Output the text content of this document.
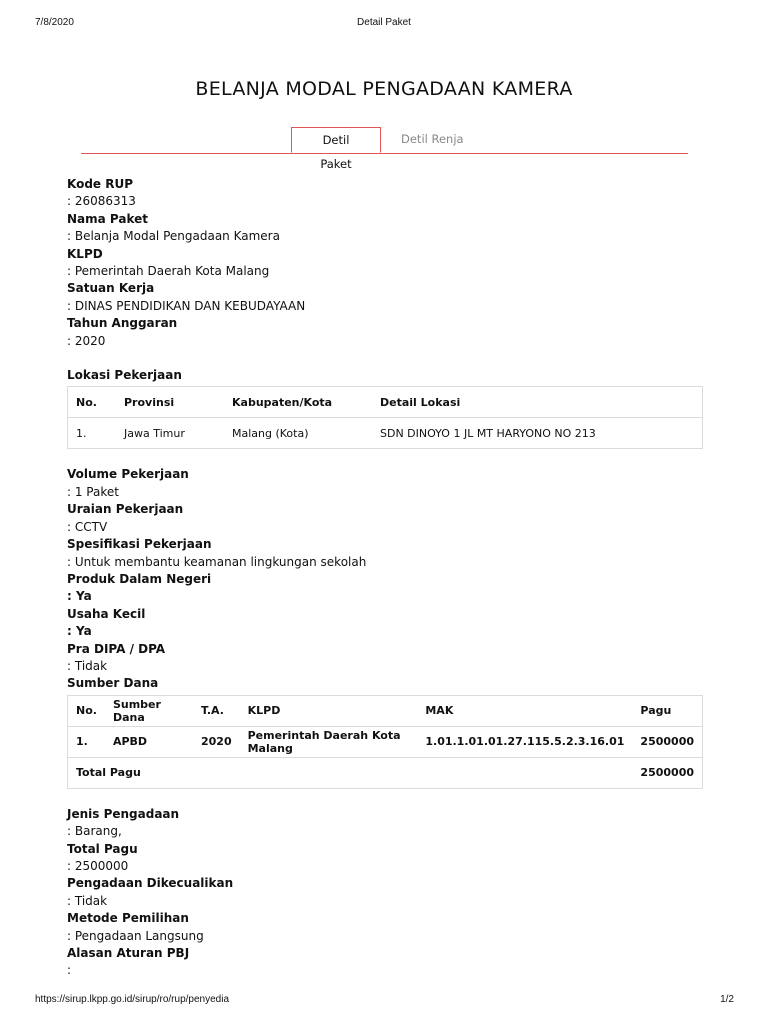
7/8/2020	Detail Paket
BELANJA MODAL PENGADAAN KAMERA
Detil Paket
Detil Renja
Kode RUP
: 26086313
Nama Paket
: Belanja Modal Pengadaan Kamera
KLPD
: Pemerintah Daerah Kota Malang
Satuan Kerja
: DINAS PENDIDIKAN DAN KEBUDAYAAN
Tahun Anggaran
: 2020
Lokasi Pekerjaan
No.	Provinsi	Kabupaten/Kota	Detail Lokasi
1.	Jawa Timur	Malang (Kota)	SDN DINOYO 1 JL MT HARYONO NO 213
Volume Pekerjaan
: 1 Paket
Uraian Pekerjaan
: CCTV
Spesifikasi Pekerjaan
: Untuk membantu keamanan lingkungan sekolah
Produk Dalam Negeri
: Ya
Usaha Kecil
: Ya
Pra DIPA / DPA
: Tidak
Sumber Dana
No.	Sumber Dana	T.A.	KLPD	MAK	Pagu
1.	APBD	2020	Pemerintah Daerah Kota Malang	1.01.1.01.01.27.115.5.2.3.16.01	2500000
Total Pagu					2500000
Jenis Pengadaan
: Barang,
Total Pagu
: 2500000
Pengadaan Dikecualikan
: Tidak
Metode Pemilihan
: Pengadaan Langsung
Alasan Aturan PBJ
:
https://sirup.lkpp.go.id/sirup/ro/rup/penyedia	1/2
